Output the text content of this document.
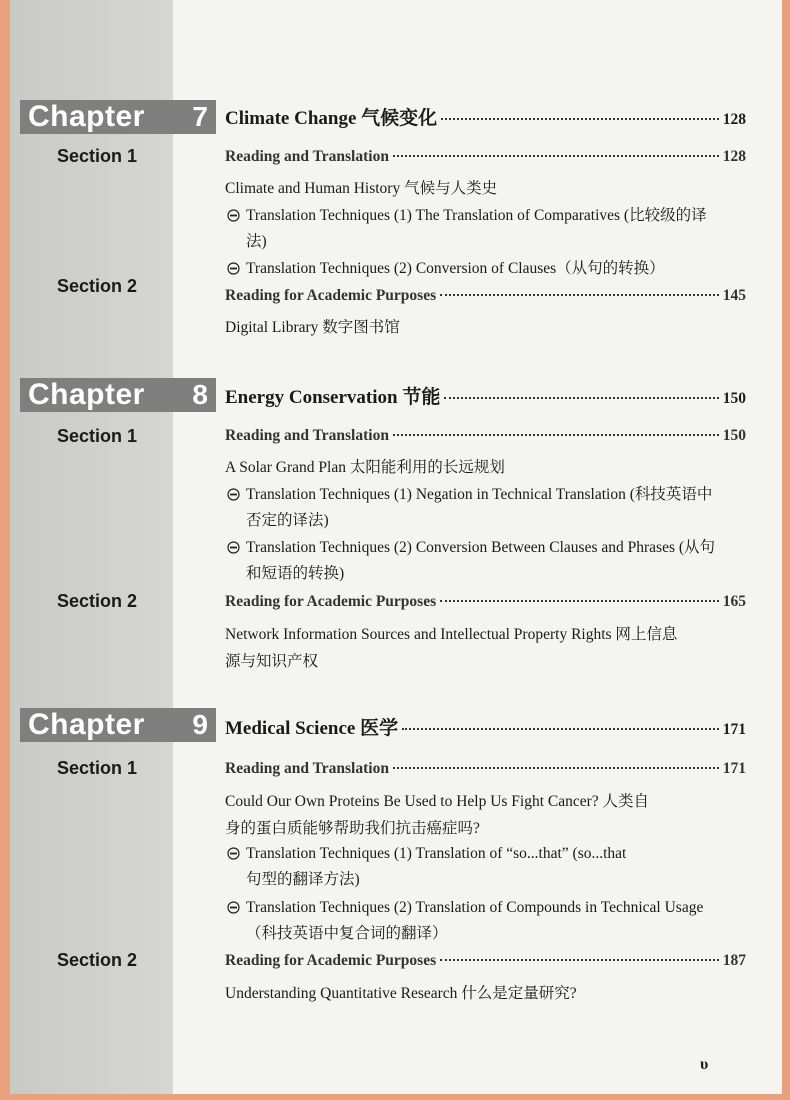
Chapter 7 Climate Change 气候变化	128
Section 1	Reading and Translation	128
Climate and Human History 气候与人类史
Translation Techniques (1) The Translation of Comparatives (比较级的译法)
Translation Techniques (2) Conversion of Clauses（从句的转换）
Section 2	Reading for Academic Purposes	145
Digital Library 数字图书馆
Chapter 8 Energy Conservation 节能	150
Section 1	Reading and Translation	150
A Solar Grand Plan 太阳能利用的长远规划
Translation Techniques (1) Negation in Technical Translation (科技英语中否定的译法)
Translation Techniques (2) Conversion Between Clauses and Phrases (从句和短语的转换)
Section 2	Reading for Academic Purposes	165
Network Information Sources and Intellectual Property Rights 网上信息源与知识产权
Chapter 9 Medical Science 医学	171
Section 1	Reading and Translation	171
Could Our Own Proteins Be Used to Help Us Fight Cancer? 人类自身的蛋白质能够帮助我们抗击癌症吗?
Translation Techniques (1) Translation of “so...that” (so...that 句型的翻译方法)
Translation Techniques (2) Translation of Compounds in Technical Usage（科技英语中复合词的翻译）
Section 2	Reading for Academic Purposes	187
Understanding Quantitative Research 什么是定量研究?
υ
